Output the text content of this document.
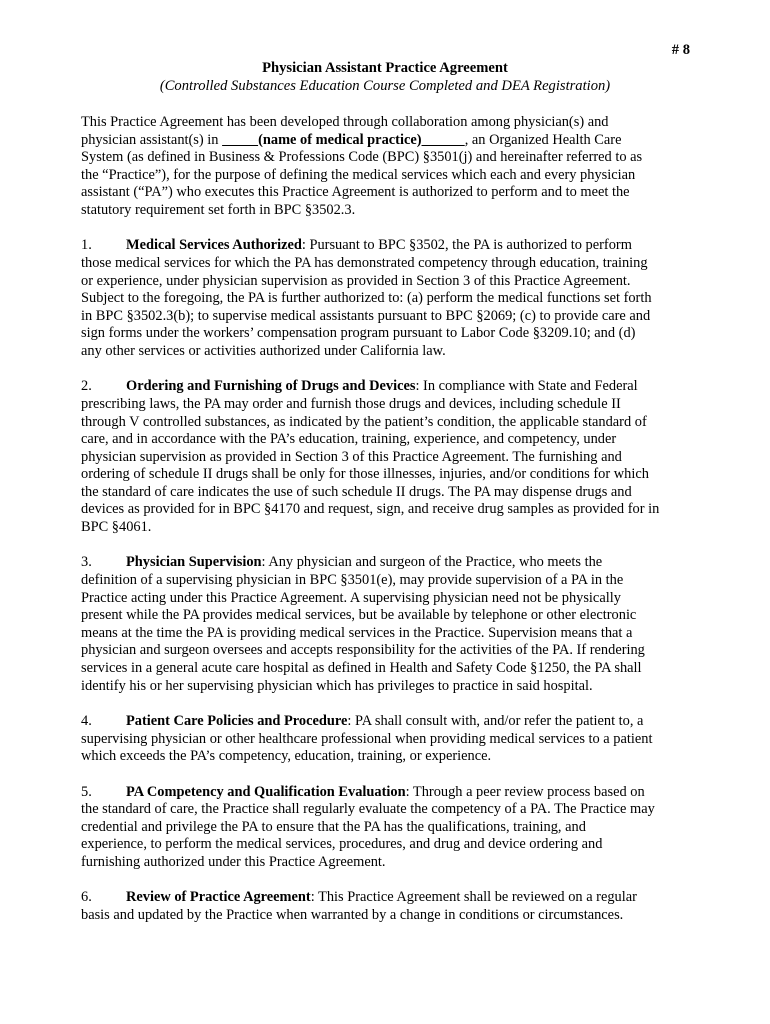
# 8
Physician Assistant Practice Agreement
(Controlled Substances Education Course Completed and DEA Registration)

This Practice Agreement has been developed through collaboration among physician(s) and
physician assistant(s) in           (name of medical practice)	, an Organized Health Care
System (as defined in Business & Professions Code (BPC) §3501(j) and hereinafter referred to as
the “Practice”), for the purpose of defining the medical services which each and every physician
assistant (“PA”) who executes this Practice Agreement is authorized to perform and to meet the
statutory requirement set forth in BPC §3502.3.

1. Medical Services Authorized: Pursuant to BPC §3502, the PA is authorized to perform
those medical services for which the PA has demonstrated competency through education, training
or experience, under physician supervision as provided in Section 3 of this Practice Agreement.
Subject to the foregoing, the PA is further authorized to: (a) perform the medical functions set forth
in BPC §3502.3(b); to supervise medical assistants pursuant to BPC §2069; (c) to provide care and
sign forms under the workers’ compensation program pursuant to Labor Code §3209.10; and (d)
any other services or activities authorized under California law.

2. Ordering and Furnishing of Drugs and Devices: In compliance with State and Federal
prescribing laws, the PA may order and furnish those drugs and devices, including schedule II
through V controlled substances, as indicated by the patient’s condition, the applicable standard of
care, and in accordance with the PA’s education, training, experience, and competency, under
physician supervision as provided in Section 3 of this Practice Agreement. The furnishing and
ordering of schedule II drugs shall be only for those illnesses, injuries, and/or conditions for which
the standard of care indicates the use of such schedule II drugs. The PA may dispense drugs and
devices as provided for in BPC §4170 and request, sign, and receive drug samples as provided for in
BPC §4061.

3. Physician Supervision: Any physician and surgeon of the Practice, who meets the
definition of a supervising physician in BPC §3501(e), may provide supervision of a PA in the
Practice acting under this Practice Agreement. A supervising physician need not be physically
present while the PA provides medical services, but be available by telephone or other electronic
means at the time the PA is providing medical services in the Practice. Supervision means that a
physician and surgeon oversees and accepts responsibility for the activities of the PA. If rendering
services in a general acute care hospital as defined in Health and Safety Code §1250, the PA shall
identify his or her supervising physician which has privileges to practice in said hospital.

4. Patient Care Policies and Procedure: PA shall consult with, and/or refer the patient to, a
supervising physician or other healthcare professional when providing medical services to a patient
which exceeds the PA’s competency, education, training, or experience.

5. PA Competency and Qualification Evaluation: Through a peer review process based on
the standard of care, the Practice shall regularly evaluate the competency of a PA. The Practice may
credential and privilege the PA to ensure that the PA has the qualifications, training, and
experience, to perform the medical services, procedures, and drug and device ordering and
furnishing authorized under this Practice Agreement.

6. Review of Practice Agreement: This Practice Agreement shall be reviewed on a regular
basis and updated by the Practice when warranted by a change in conditions or circumstances.
